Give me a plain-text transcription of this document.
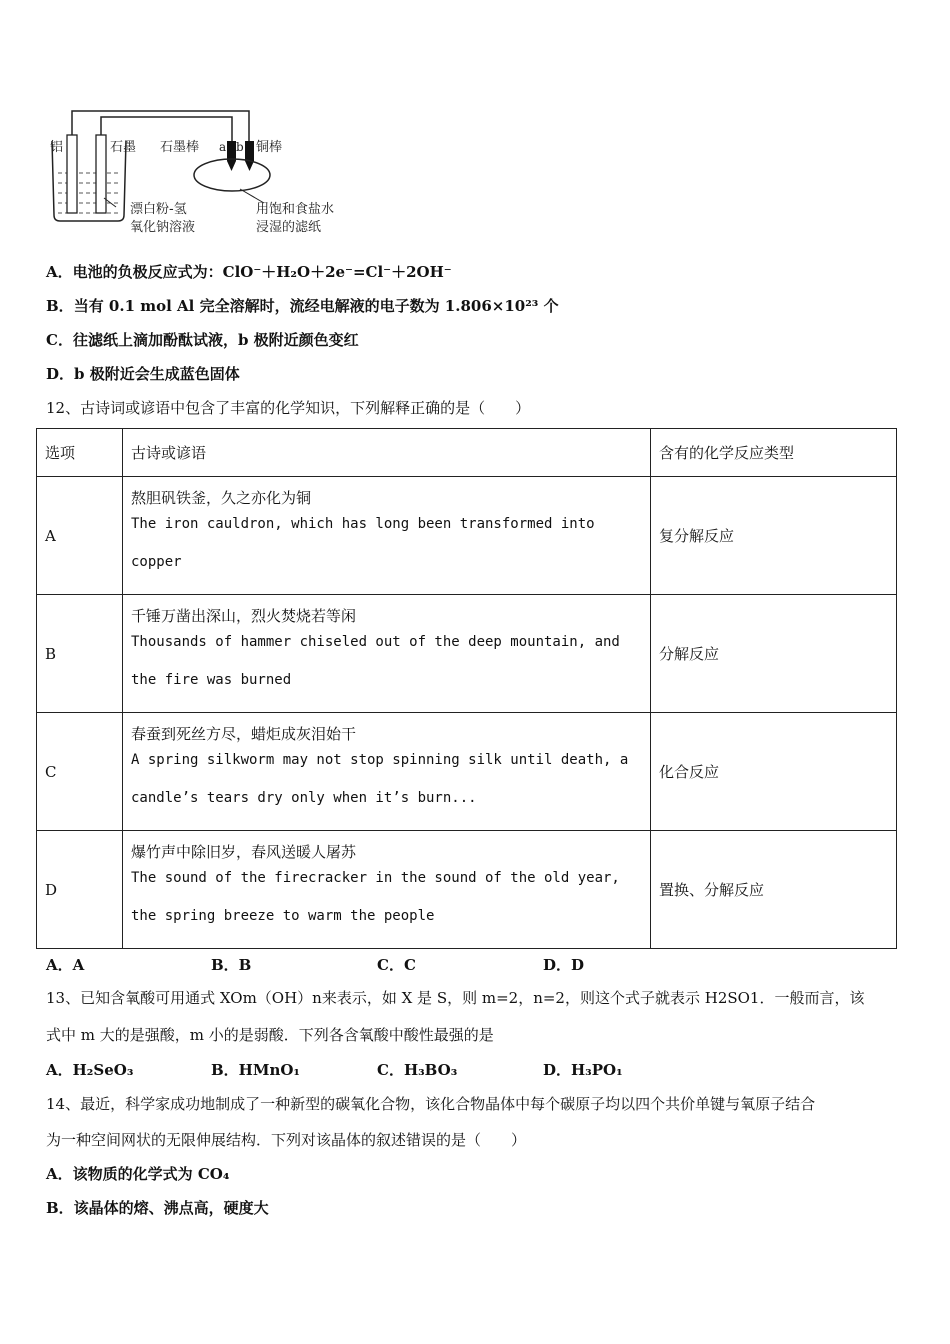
铝	石墨 石墨棒 a b 铜棒
漂白粉-氢
氧化钠溶液
用饱和食盐水
浸湿的滤纸
A．电池的负极反应式为：ClO⁻＋H₂O＋2e⁻=Cl⁻＋2OH⁻
B．当有 0.1 mol Al 完全溶解时，流经电解液的电子数为 1.806×10²³ 个
C．往滤纸上滴加酚酞试液，b 极附近颜色变红
D．b 极附近会生成蓝色固体
12、古诗词或谚语中包含了丰富的化学知识，下列解释正确的是（　　）
选项	古诗或谚语	含有的化学反应类型
A	熬胆矾铁釜，久之亦化为铜
The iron cauldron, which has long been transformed into
copper	复分解反应
B	千锤万凿出深山，烈火焚烧若等闲
Thousands of hammer chiseled out of the deep mountain, and
the fire was burned	分解反应
C	春蚕到死丝方尽，蜡炬成灰泪始干
A spring silkworm may not stop spinning silk until death, a
candle’s tears dry only when it’s burn...	化合反应
D	爆竹声中除旧岁，春风送暖人屠苏
The sound of the firecracker in the sound of the old year,
the spring breeze to warm the people	置换、分解反应
A．A	B．B	C．C	D．D
13、已知含氧酸可用通式 XOm（OH）n来表示，如 X 是 S，则 m=2，n=2，则这个式子就表示 H2SO1．一般而言，该
式中 m 大的是强酸，m 小的是弱酸．下列各含氧酸中酸性最强的是
A．H₂SeO₃	B．HMnO₁	C．H₃BO₃	D．H₃PO₁
14、最近，科学家成功地制成了一种新型的碳氧化合物，该化合物晶体中每个碳原子均以四个共价单键与氧原子结合
为一种空间网状的无限伸展结构．下列对该晶体的叙述错误的是（　　）
A．该物质的化学式为 CO₄
B．该晶体的熔、沸点高，硬度大
